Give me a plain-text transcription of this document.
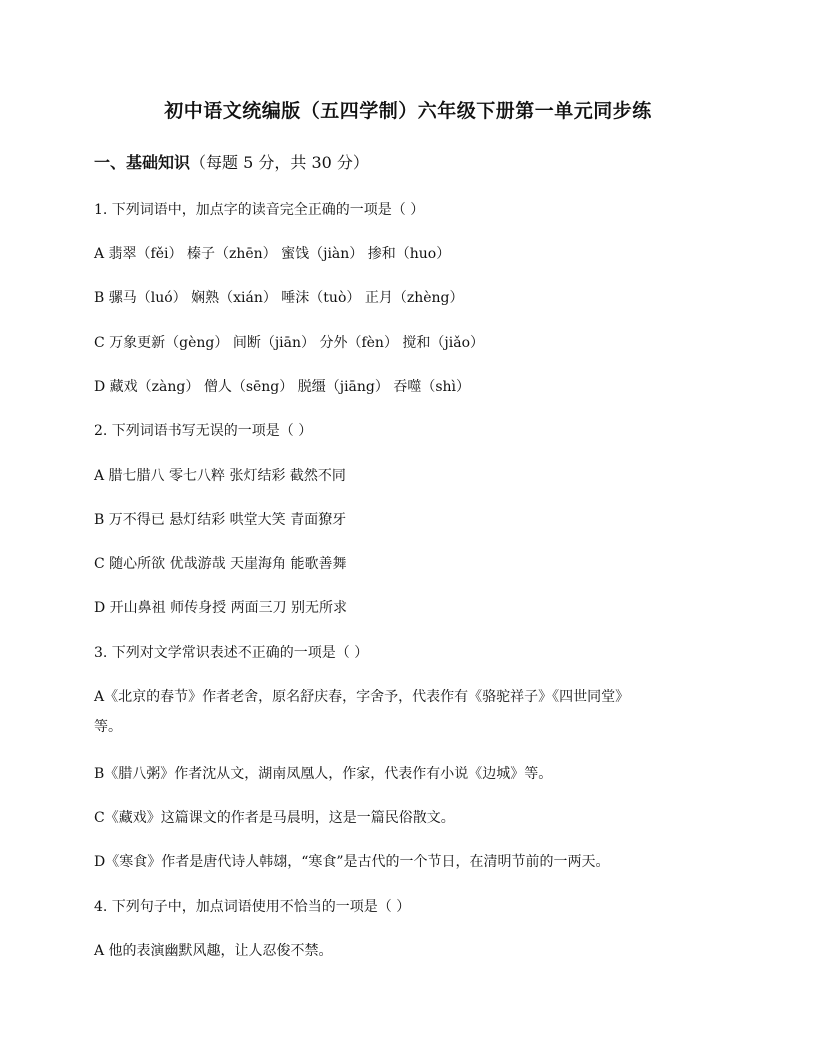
初中语文统编版（五四学制）六年级下册第一单元同步练
一、基础知识（每题 5 分，共 30 分）
1. 下列词语中，加点字的读音完全正确的一项是（ ）
A 翡翠（fěi） 榛子（zhēn） 蜜饯（jiàn） 掺和（huo）
B 骡马（luó） 娴熟（xián） 唾沫（tuò） 正月（zhèng）
C 万象更新（gèng） 间断（jiān） 分外（fèn） 搅和（jiǎo）
D 藏戏（zàng） 僧人（sēng） 脱缰（jiāng） 吞噬（shì）
2. 下列词语书写无误的一项是（ ）
A 腊七腊八 零七八粹 张灯结彩 截然不同
B 万不得已 悬灯结彩 哄堂大笑 青面獠牙
C 随心所欲 优哉游哉 天崖海角 能歌善舞
D 开山鼻祖 师传身授 两面三刀 别无所求
3. 下列对文学常识表述不正确的一项是（ ）
A《北京的春节》作者老舍，原名舒庆春，字舍予，代表作有《骆驼祥子》《四世同堂》
等。
B《腊八粥》作者沈从文，湖南凤凰人，作家，代表作有小说《边城》等。
C《藏戏》这篇课文的作者是马晨明，这是一篇民俗散文。
D《寒食》作者是唐代诗人韩翃，“寒食”是古代的一个节日，在清明节前的一两天。
4. 下列句子中，加点词语使用不恰当的一项是（ ）
A 他的表演幽默风趣，让人忍俊不禁。
